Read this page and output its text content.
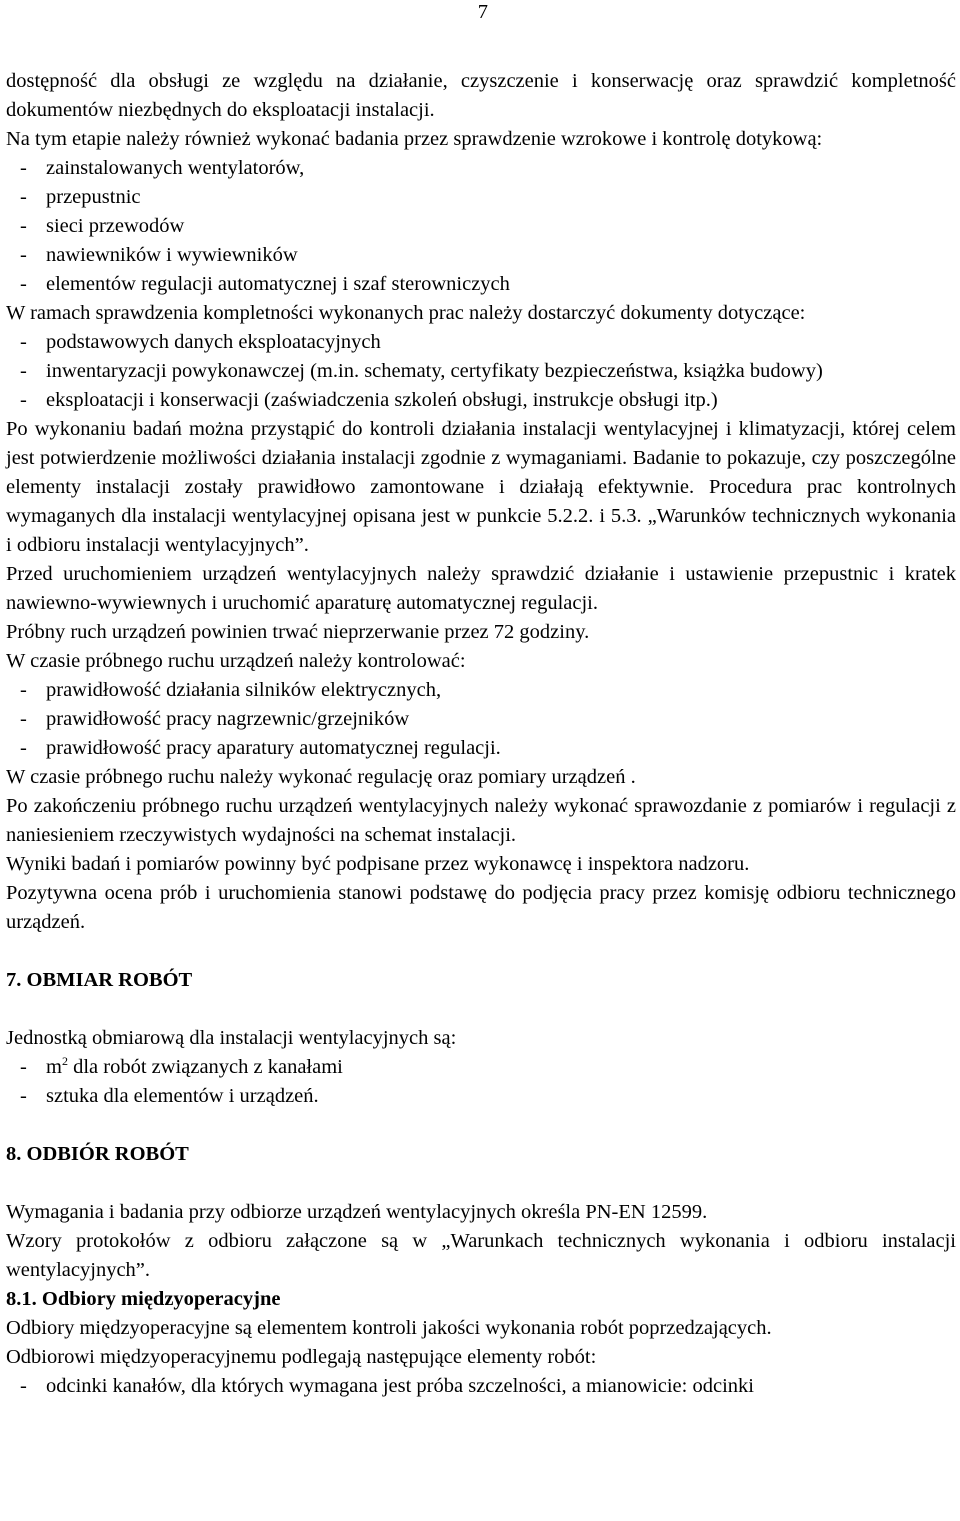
7

dostępność dla obsługi ze względu na działanie, czyszczenie i konserwację oraz sprawdzić kompletność dokumentów niezbędnych do eksploatacji instalacji.

Na tym etapie należy również wykonać badania przez sprawdzenie wzrokowe i kontrolę dotykową:

- zainstalowanych wentylatorów,
- przepustnic
- sieci przewodów
- nawiewników i wywiewników
- elementów regulacji automatycznej i szaf sterowniczych

W ramach sprawdzenia kompletności wykonanych prac należy dostarczyć dokumenty dotyczące:

- podstawowych danych eksploatacyjnych
- inwentaryzacji powykonawczej (m.in. schematy, certyfikaty bezpieczeństwa, książka budowy)
- eksploatacji i konserwacji (zaświadczenia szkoleń obsługi, instrukcje obsługi itp.)

Po wykonaniu badań można przystąpić do kontroli działania instalacji wentylacyjnej i klimatyzacji, której celem jest potwierdzenie możliwości działania instalacji zgodnie z wymaganiami. Badanie to pokazuje, czy poszczególne elementy instalacji zostały prawidłowo zamontowane i działają efektywnie. Procedura prac kontrolnych wymaganych dla instalacji wentylacyjnej opisana jest w punkcie 5.2.2. i 5.3. „Warunków technicznych wykonania i odbioru instalacji wentylacyjnych”.

Przed uruchomieniem urządzeń wentylacyjnych należy sprawdzić działanie i ustawienie przepustnic i kratek nawiewno-wywiewnych i uruchomić aparaturę automatycznej regulacji.

Próbny ruch urządzeń powinien trwać nieprzerwanie przez 72 godziny.

W czasie próbnego ruchu urządzeń należy kontrolować:

- prawidłowość działania silników elektrycznych,
- prawidłowość pracy nagrzewnic/grzejników
- prawidłowość pracy aparatury automatycznej regulacji.

W czasie próbnego ruchu należy wykonać regulację oraz pomiary urządzeń .

Po zakończeniu próbnego ruchu urządzeń wentylacyjnych należy wykonać sprawozdanie z pomiarów i regulacji z naniesieniem rzeczywistych wydajności na schemat instalacji.

Wyniki badań i pomiarów powinny być podpisane przez wykonawcę i inspektora nadzoru.

Pozytywna ocena prób i uruchomienia stanowi podstawę do podjęcia pracy przez komisję odbioru technicznego urządzeń.

7. OBMIAR ROBÓT

Jednostką obmiarową dla instalacji wentylacyjnych są:

- $m^2$ dla robót związanych z kanałami
- sztuka dla elementów i urządzeń.
8. ODBIÓR ROBÓT

Wymagania i badania przy odbiorze urządzeń wentylacyjnych określa PN-EN 12599.

Wzory protokołów z odbioru załączone są w „Warunkach technicznych wykonania i odbioru instalacji wentylacyjnych”.

8.1. Odbiory międzyoperacyjne

Odbiory międzyoperacyjne są elementem kontroli jakości wykonania robót poprzedzających.

Odbiorowi międzyoperacyjnemu podlegają następujące elementy robót:

- odcinki kanałów, dla których wymagana jest próba szczelności, a mianowicie: odcinki
